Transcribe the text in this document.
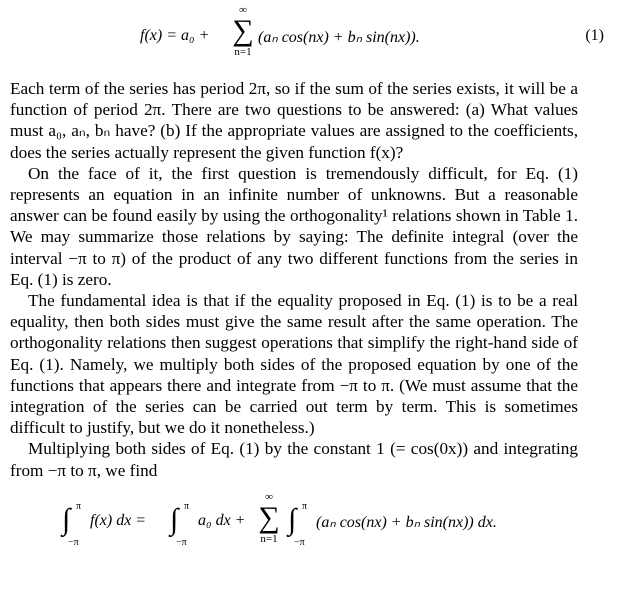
f(x) = a₀ +
∞
∑
n=1
(aₙ cos(nx) + bₙ sin(nx)).	(1)

Each term of the series has period 2π, so if the sum of the series exists, it will be a function of period 2π. There are two questions to be answered: (a) What values must a₀, aₙ, bₙ have? (b) If the appropriate values are assigned to the coefficients, does the series actually represent the given function f(x)?

On the face of it, the first question is tremendously difficult, for Eq. (1) represents an equation in an infinite number of unknowns. But a reasonable answer can be found easily by using the orthogonality¹ relations shown in Table 1. We may summarize those relations by saying: The definite integral (over the interval −π to π) of the product of any two different functions from the series in Eq. (1) is zero.

The fundamental idea is that if the equality proposed in Eq. (1) is to be a real equality, then both sides must give the same result after the same operation. The orthogonality relations then suggest operations that simplify the right-hand side of Eq. (1). Namely, we multiply both sides of the proposed equation by one of the functions that appears there and integrate from −π to π. (We must assume that the integration of the series can be carried out term by term. This is sometimes difficult to justify, but we do it nonetheless.)

Multiplying both sides of Eq. (1) by the constant 1 (= cos(0x)) and integrating from −π to π, we find

∫ π
−π
f(x) dx = ∫ π
−π
a₀ dx +
∞
∑
n=1
∫ π
−π
(aₙ cos(nx) + bₙ sin(nx)) dx.
